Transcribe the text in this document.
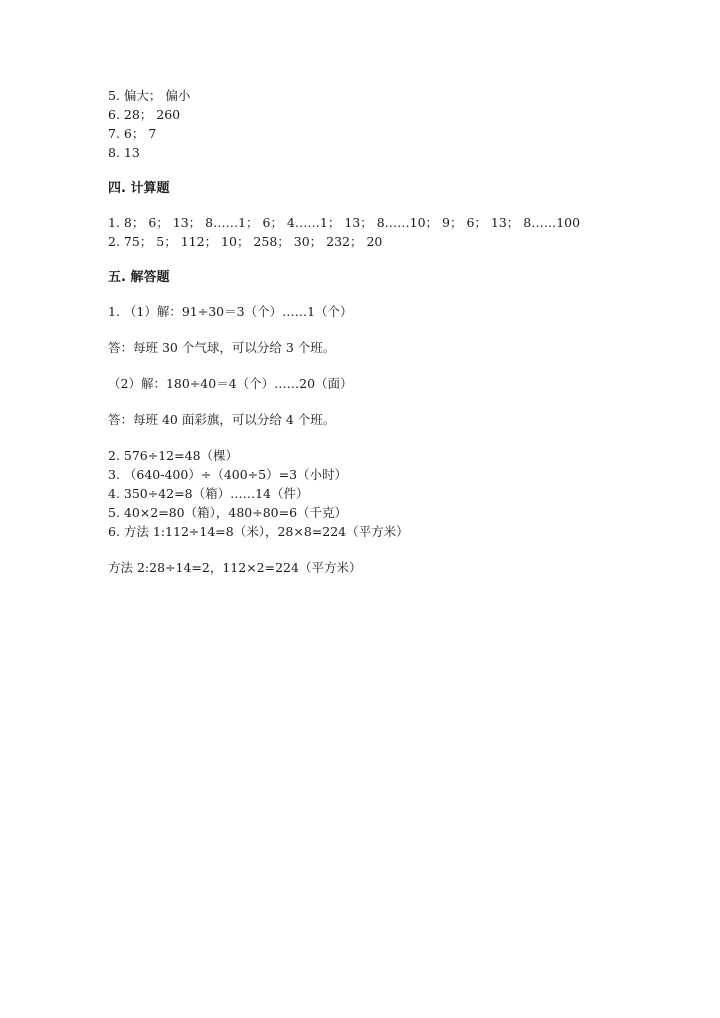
5. 偏大； 偏小
6. 28； 260
7. 6； 7
8. 13
四. 计算题
1. 8； 6； 13； 8……1； 6； 4……1； 13； 8……10； 9； 6； 13； 8……100
2. 75； 5； 112； 10； 258； 30； 232； 20
五. 解答题
1. （1）解：91÷30＝3（个）……1（个）
答：每班 30 个气球，可以分给 3 个班。
（2）解：180÷40＝4（个）……20（面）
答：每班 40 面彩旗，可以分给 4 个班。
2. 576÷12=48（棵）
3. （640-400）÷（400÷5）=3（小时）
4. 350÷42=8（箱）……14（件）
5. 40×2=80（箱），480÷80=6（千克）
6. 方法 1:112÷14=8（米），28×8=224（平方米）
方法 2:28÷14=2，112×2=224（平方米）
